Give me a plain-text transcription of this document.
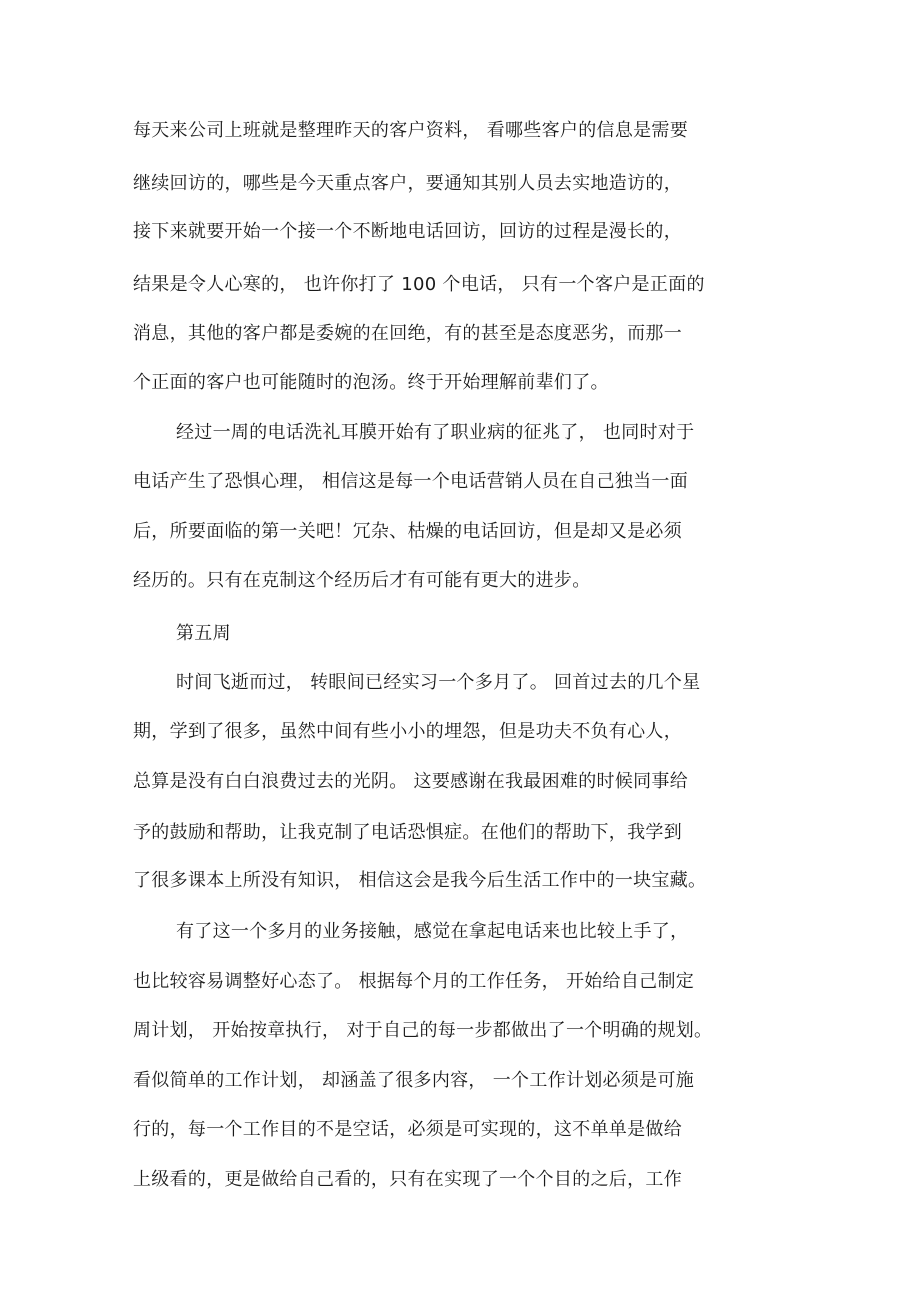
每天来公司上班就是整理昨天的客户资料， 看哪些客户的信息是需要
继续回访的，哪些是今天重点客户，要通知其别人员去实地造访的，
接下来就要开始一个接一个不断地电话回访，回访的过程是漫长的，
结果是令人心寒的， 也许你打了 100 个电话， 只有一个客户是正面的
消息，其他的客户都是委婉的在回绝，有的甚至是态度恶劣，而那一
个正面的客户也可能随时的泡汤。终于开始理解前辈们了。
经过一周的电话洗礼耳膜开始有了职业病的征兆了， 也同时对于
电话产生了恐惧心理， 相信这是每一个电话营销人员在自己独当一面
后，所要面临的第一关吧！冗杂、枯燥的电话回访，但是却又是必须
经历的。只有在克制这个经历后才有可能有更大的进步。
第五周
时间飞逝而过， 转眼间已经实习一个多月了。 回首过去的几个星
期，学到了很多，虽然中间有些小小的埋怨，但是功夫不负有心人，
总算是没有白白浪费过去的光阴。 这要感谢在我最困难的时候同事给
予的鼓励和帮助，让我克制了电话恐惧症。在他们的帮助下，我学到
了很多课本上所没有知识， 相信这会是我今后生活工作中的一块宝藏。
有了这一个多月的业务接触，感觉在拿起电话来也比较上手了，
也比较容易调整好心态了。 根据每个月的工作任务， 开始给自己制定
周计划， 开始按章执行， 对于自己的每一步都做出了一个明确的规划。
看似简单的工作计划， 却涵盖了很多内容， 一个工作计划必须是可施
行的，每一个工作目的不是空话，必须是可实现的，这不单单是做给
上级看的，更是做给自己看的，只有在实现了一个个目的之后，工作
